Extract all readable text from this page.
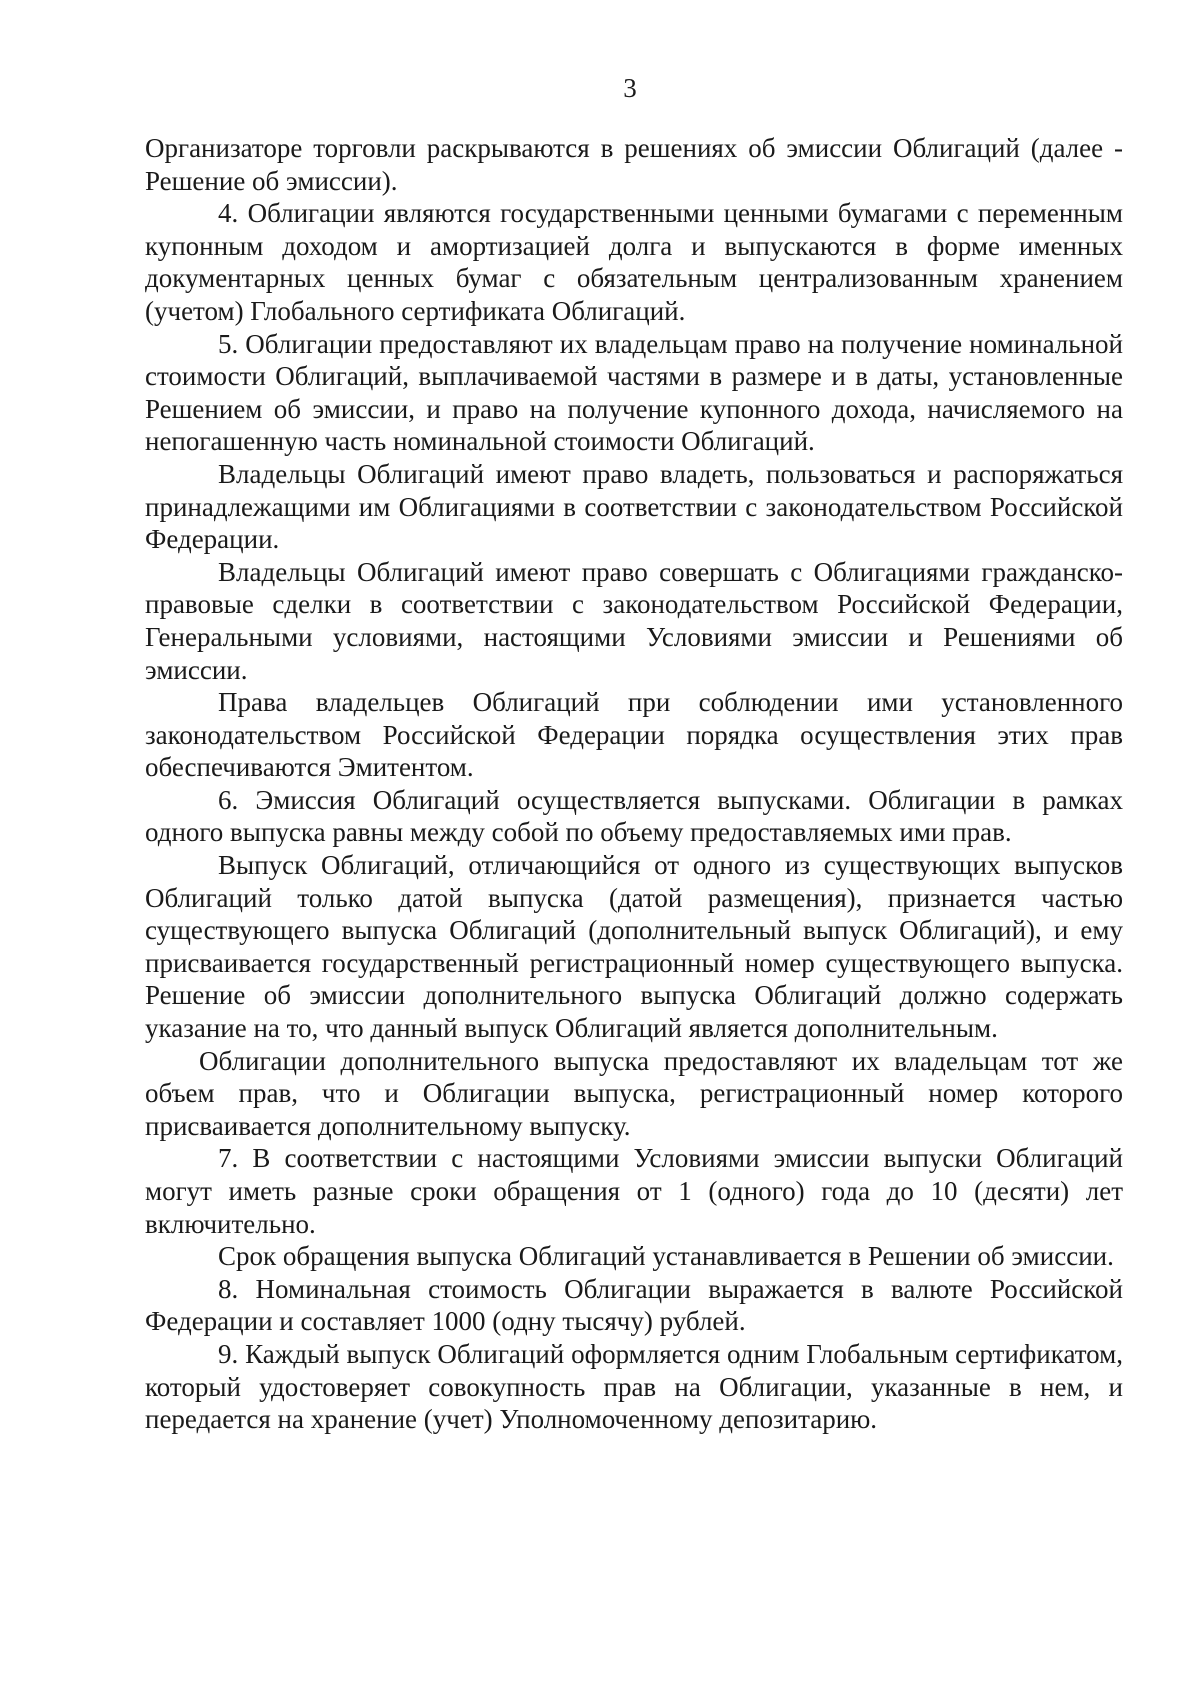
3

Организаторе торговли раскрываются в решениях об эмиссии Облигаций (далее - Решение об эмиссии).

4. Облигации являются государственными ценными бумагами с переменным купонным доходом и амортизацией долга и выпускаются в форме именных документарных ценных бумаг с обязательным централизованным хранением (учетом) Глобального сертификата Облигаций.

5. Облигации предоставляют их владельцам право на получение номинальной стоимости Облигаций, выплачиваемой частями в размере и в даты, установленные Решением об эмиссии, и право на получение купонного дохода, начисляемого на непогашенную часть номинальной стоимости Облигаций.

Владельцы Облигаций имеют право владеть, пользоваться и распоряжаться принадлежащими им Облигациями в соответствии с законодательством Российской Федерации.

Владельцы Облигаций имеют право совершать с Облигациями гражданско-правовые сделки в соответствии с законодательством Российской Федерации, Генеральными условиями, настоящими Условиями эмиссии и Решениями об эмиссии.

Права владельцев Облигаций при соблюдении ими установленного законодательством Российской Федерации порядка осуществления этих прав обеспечиваются Эмитентом.

6. Эмиссия Облигаций осуществляется выпусками. Облигации в рамках одного выпуска равны между собой по объему предоставляемых ими прав.

Выпуск Облигаций, отличающийся от одного из существующих выпусков Облигаций только датой выпуска (датой размещения), признается частью существующего выпуска Облигаций (дополнительный выпуск Облигаций), и ему присваивается государственный регистрационный номер существующего выпуска. Решение об эмиссии дополнительного выпуска Облигаций должно содержать указание на то, что данный выпуск Облигаций является дополнительным.

Облигации дополнительного выпуска предоставляют их владельцам тот же объем прав, что и Облигации выпуска, регистрационный номер которого присваивается дополнительному выпуску.

7. В соответствии с настоящими Условиями эмиссии выпуски Облигаций могут иметь разные сроки обращения от 1 (одного) года до 10 (десяти) лет включительно.

Срок обращения выпуска Облигаций устанавливается в Решении об эмиссии.

8. Номинальная стоимость Облигации выражается в валюте Российской Федерации и составляет 1000 (одну тысячу) рублей.

9. Каждый выпуск Облигаций оформляется одним Глобальным сертификатом, который удостоверяет совокупность прав на Облигации, указанные в нем, и передается на хранение (учет) Уполномоченному депозитарию.
